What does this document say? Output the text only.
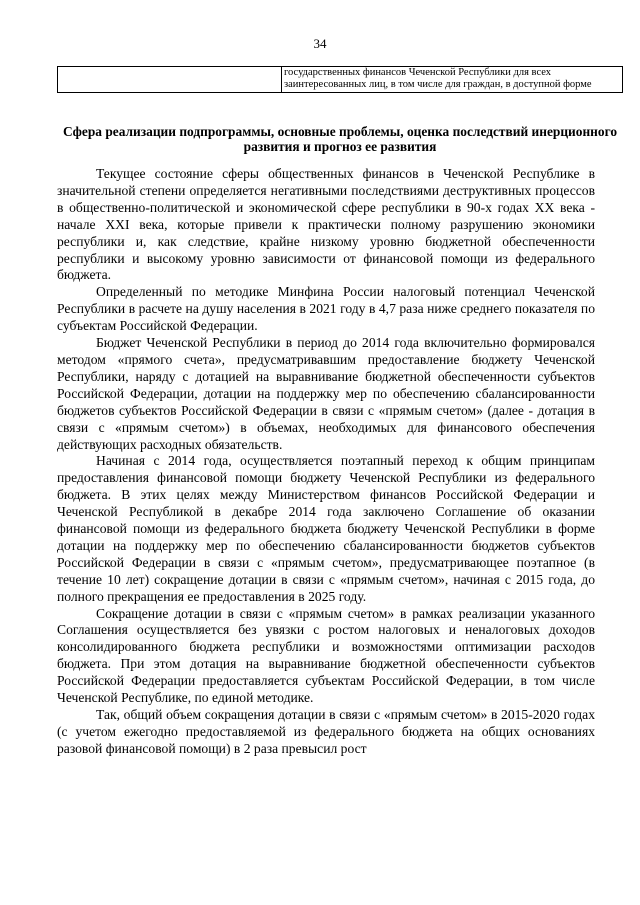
34
	государственных финансов Чеченской Республики для всех заинтересованных лиц, в том числе для граждан, в доступной форме
Сфера реализации подпрограммы, основные проблемы, оценка последствий инерционного развития и прогноз ее развития

Текущее состояние сферы общественных финансов в Чеченской Республике в значительной степени определяется негативными последствиями деструктивных процессов в общественно-политической и экономической сфере республики в 90-х годах XX века - начале XXI века, которые привели к практически полному разрушению экономики республики и, как следствие, крайне низкому уровню бюджетной обеспеченности республики и высокому уровню зависимости от финансовой помощи из федерального бюджета.

Определенный по методике Минфина России налоговый потенциал Чеченской Республики в расчете на душу населения в 2021 году в 4,7 раза ниже среднего показателя по субъектам Российской Федерации.

Бюджет Чеченской Республики в период до 2014 года включительно формировался методом «прямого счета», предусматривавшим предоставление бюджету Чеченской Республики, наряду с дотацией на выравнивание бюджетной обеспеченности субъектов Российской Федерации, дотации на поддержку мер по обеспечению сбалансированности бюджетов субъектов Российской Федерации в связи с «прямым счетом» (далее - дотация в связи с «прямым счетом») в объемах, необходимых для финансового обеспечения действующих расходных обязательств.

Начиная с 2014 года, осуществляется поэтапный переход к общим принципам предоставления финансовой помощи бюджету Чеченской Республики из федерального бюджета. В этих целях между Министерством финансов Российской Федерации и Чеченской Республикой в декабре 2014 года заключено Соглашение об оказании финансовой помощи из федерального бюджета бюджету Чеченской Республики в форме дотации на поддержку мер по обеспечению сбалансированности бюджетов субъектов Российской Федерации в связи с «прямым счетом», предусматривающее поэтапное (в течение 10 лет) сокращение дотации в связи с «прямым счетом», начиная с 2015 года, до полного прекращения ее предоставления в 2025 году.

Сокращение дотации в связи с «прямым счетом» в рамках реализации указанного Соглашения осуществляется без увязки с ростом налоговых и неналоговых доходов консолидированного бюджета республики и возможностями оптимизации расходов бюджета. При этом дотация на выравнивание бюджетной обеспеченности субъектов Российской Федерации предоставляется субъектам Российской Федерации, в том числе Чеченской Республике, по единой методике.

Так, общий объем сокращения дотации в связи с «прямым счетом» в 2015-2020 годах (с учетом ежегодно предоставляемой из федерального бюджета на общих основаниях разовой финансовой помощи) в 2 раза превысил рост
